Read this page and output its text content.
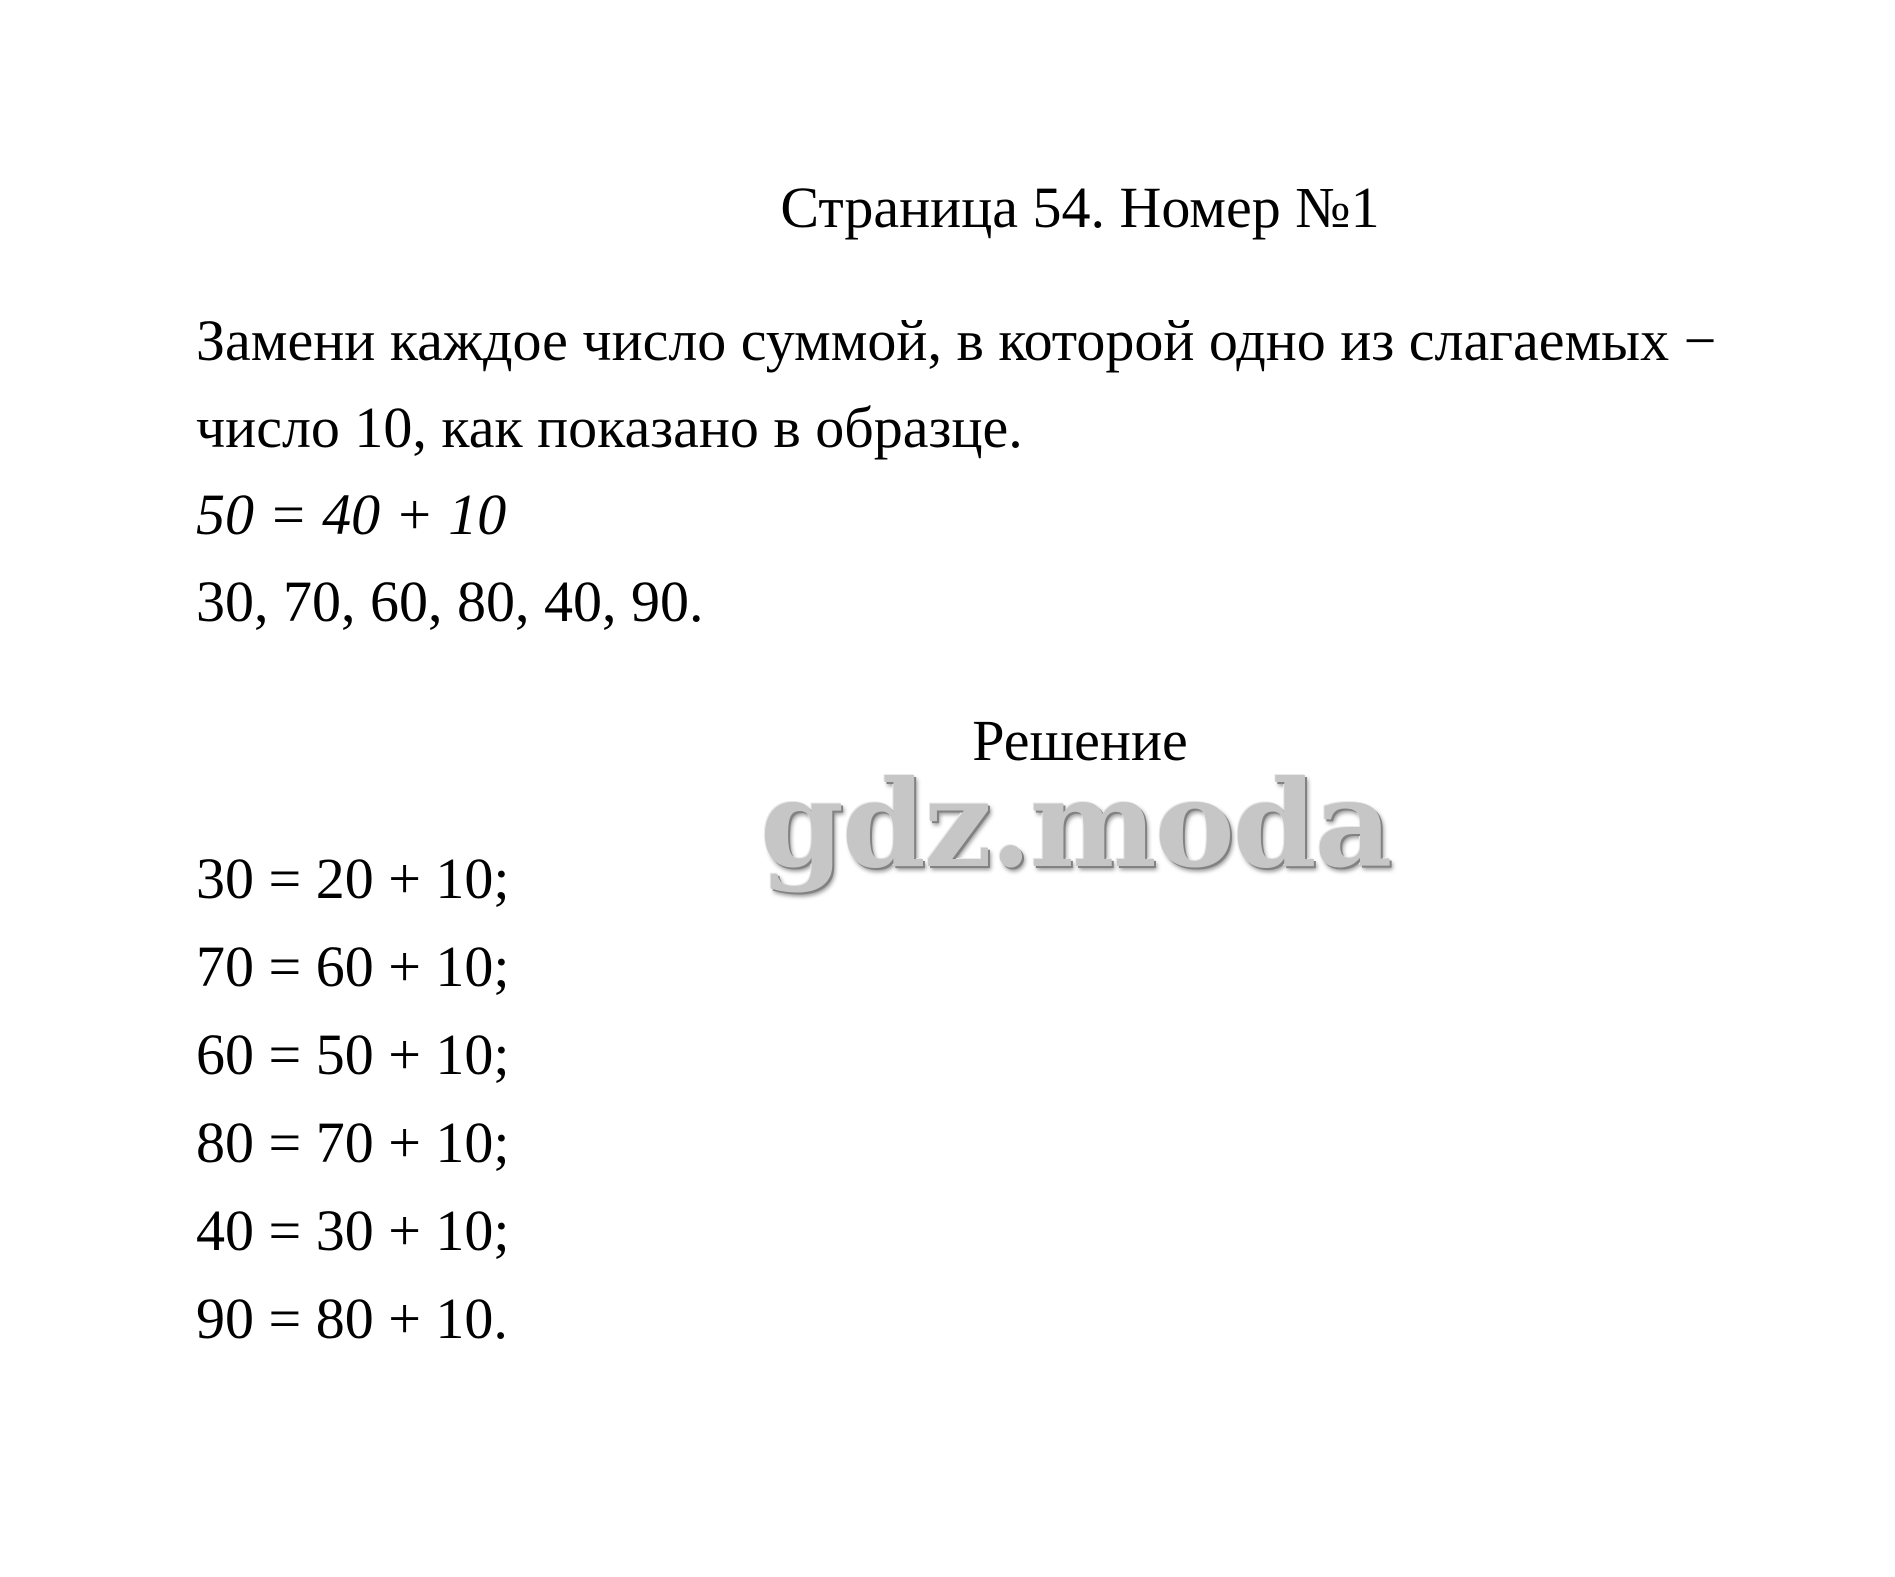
Страница 54. Номер №1
Замени каждое число суммой, в которой одно из слагаемых −
число 10, как показано в образце.
50 = 40 + 10
30, 70, 60, 80, 40, 90.
Решение
gdz.moda
30 = 20 + 10;
70 = 60 + 10;
60 = 50 + 10;
80 = 70 + 10;
40 = 30 + 10;
90 = 80 + 10.
